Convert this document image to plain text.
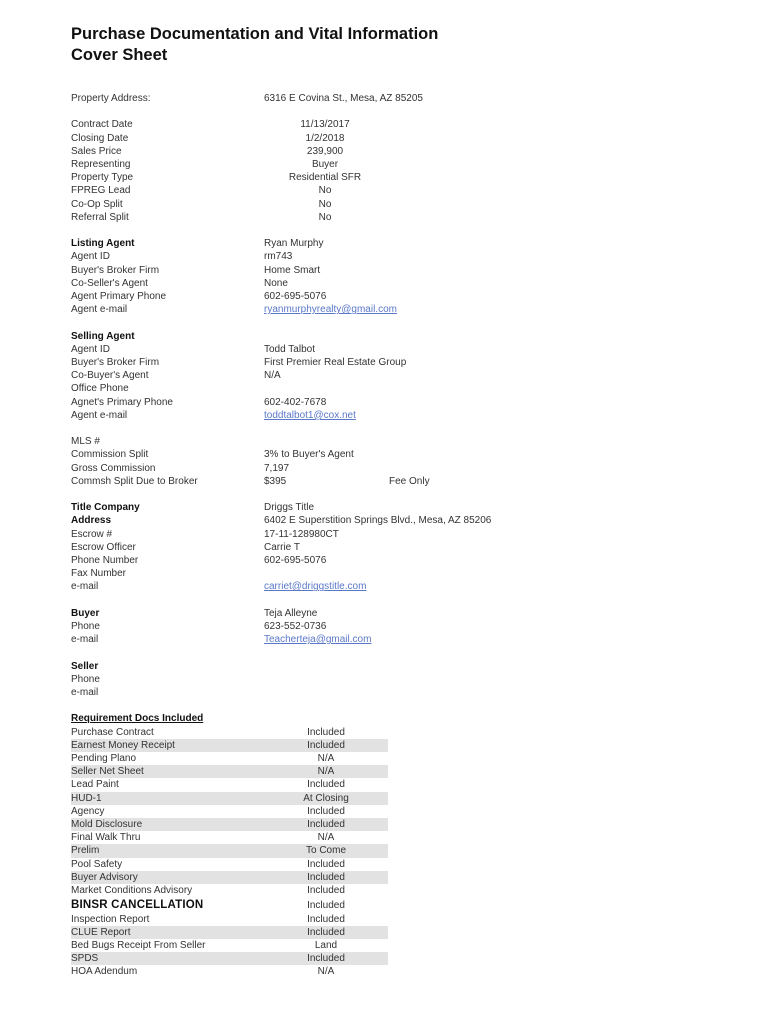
Purchase Documentation and Vital Information
Cover Sheet
Property Address:	6316 E Covina St., Mesa, AZ 85205
Contract Date	11/13/2017
Closing Date	1/2/2018
Sales Price	239,900
Representing	Buyer
Property Type	Residential SFR
FPREG Lead	No
Co-Op Split	No
Referral Split	No
Listing Agent	Ryan Murphy
Agent ID	rm743
Buyer's Broker Firm	Home Smart
Co-Seller's Agent	None
Agent Primary Phone	602-695-5076
Agent e-mail	ryanmurphyrealty@gmail.com
Selling Agent
Agent ID	Todd Talbot
Buyer's Broker Firm	First Premier Real Estate Group
Co-Buyer's Agent	N/A
Office Phone
Agnet's Primary Phone	602-402-7678
Agent e-mail	toddtalbot1@cox.net
MLS #
Commission Split	3% to Buyer's Agent
Gross Commission	7,197
Commsh Split Due to Broker	$395	Fee Only
Title Company	Driggs Title
Address	6402 E Superstition Springs Blvd., Mesa, AZ 85206
Escrow #	17-11-128980CT
Escrow Officer	Carrie T
Phone Number	602-695-5076
Fax Number
e-mail	carriet@driggstitle.com
Buyer	Teja Alleyne
Phone	623-552-0736
e-mail	Teacherteja@gmail.com
Seller
Phone
e-mail
Requirement Docs Included
Purchase Contract	Included
Earnest Money Receipt	Included
Pending Plano	N/A
Seller Net Sheet	N/A
Lead Paint	Included
HUD-1	At Closing
Agency	Included
Mold Disclosure	Included
Final Walk Thru	N/A
Prelim	To Come
Pool Safety	Included
Buyer Advisory	Included
Market Conditions Advisory	Included
BINSR CANCELLATION	Included
Inspection Report	Included
CLUE Report	Included
Bed Bugs Receipt From Seller	Land
SPDS	Included
HOA Adendum	N/A
